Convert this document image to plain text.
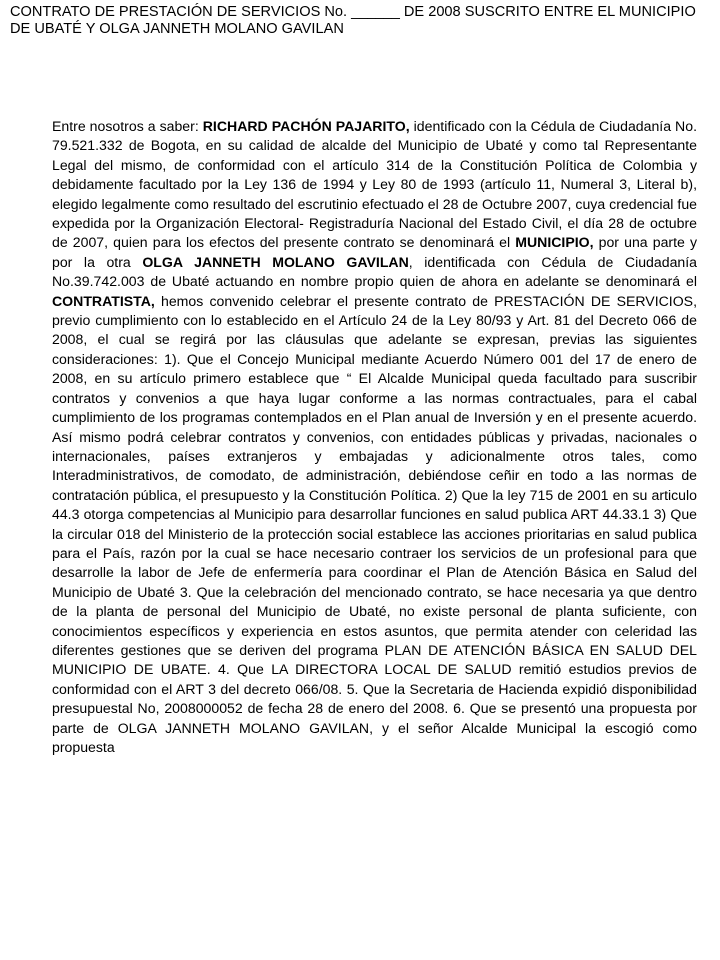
CONTRATO DE PRESTACIÓN DE SERVICIOS No. ______ DE 2008 SUSCRITO ENTRE EL MUNICIPIO DE UBATÉ Y OLGA JANNETH MOLANO GAVILAN

Entre nosotros a saber: RICHARD PACHÓN PAJARITO, identificado con la Cédula de Ciudadanía No. 79.521.332 de Bogota, en su calidad de alcalde del Municipio de Ubaté y como tal Representante Legal del mismo, de conformidad con el artículo 314 de la Constitución Política de Colombia y debidamente facultado por la Ley 136 de 1994 y Ley 80 de 1993 (artículo 11, Numeral 3, Literal b), elegido legalmente como resultado del escrutinio efectuado el 28 de Octubre 2007, cuya credencial fue expedida por la Organización Electoral- Registraduría Nacional del Estado Civil, el día 28 de octubre de 2007, quien para los efectos del presente contrato se denominará el MUNICIPIO, por una parte y por la otra OLGA JANNETH MOLANO GAVILAN, identificada con Cédula de Ciudadanía No.39.742.003 de Ubaté actuando en nombre propio quien de ahora en adelante se denominará el CONTRATISTA, hemos convenido celebrar el presente contrato de PRESTACIÓN DE SERVICIOS, previo cumplimiento con lo establecido en el Artículo 24 de la Ley 80/93 y Art. 81 del Decreto 066 de 2008, el cual se regirá por las cláusulas que adelante se expresan, previas las siguientes consideraciones: 1). Que el Concejo Municipal mediante Acuerdo Número 001 del 17 de enero de 2008, en su artículo primero establece que “ El Alcalde Municipal queda facultado para suscribir contratos y convenios a que haya lugar conforme a las normas contractuales, para el cabal cumplimiento de los programas contemplados en el Plan anual de Inversión y en el presente acuerdo. Así mismo podrá celebrar contratos y convenios, con entidades públicas y privadas, nacionales o internacionales, países extranjeros y embajadas y adicionalmente otros tales, como Interadministrativos, de comodato, de administración, debiéndose ceñir en todo a las normas de contratación pública, el presupuesto y la Constitución Política. 2) Que la ley 715 de 2001 en su articulo 44.3 otorga competencias al Municipio para desarrollar funciones en salud publica ART 44.33.1 3) Que la circular 018 del Ministerio de la protección social establece las acciones prioritarias en salud publica para el País, razón por la cual se hace necesario contraer los servicios de un profesional para que desarrolle la labor de Jefe de enfermería para coordinar el Plan de Atención Básica en Salud del Municipio de Ubaté 3. Que la celebración del mencionado contrato, se hace necesaria ya que dentro de la planta de personal del Municipio de Ubaté, no existe personal de planta suficiente, con conocimientos específicos y experiencia en estos asuntos, que permita atender con celeridad las diferentes gestiones que se deriven del programa PLAN DE ATENCIÓN BÁSICA EN SALUD DEL MUNICIPIO DE UBATE. 4. Que LA DIRECTORA LOCAL DE SALUD remitió estudios previos de conformidad con el ART 3 del decreto 066/08. 5. Que la Secretaria de Hacienda expidió disponibilidad presupuestal No, 2008000052 de fecha 28 de enero del 2008. 6. Que se presentó una propuesta por parte de OLGA JANNETH MOLANO GAVILAN, y el señor Alcalde Municipal la escogió como propuesta
